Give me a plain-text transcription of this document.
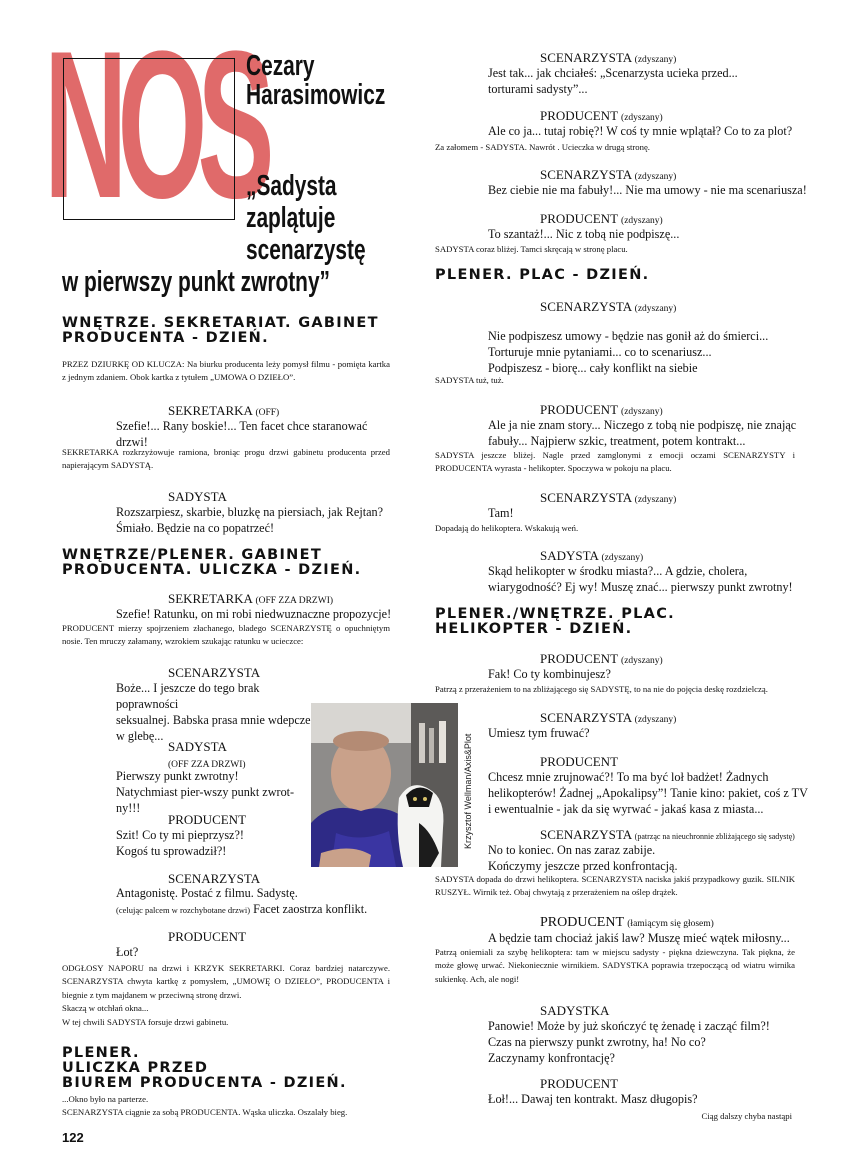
NOS
Cezary
Harasimowicz
„Sadysta
zaplątuje
scenarzystę
w pierwszy punkt zwrotny”
WNĘTRZE. SEKRETARIAT. GABINET
PRODUCENTA - DZIEŃ.
PRZEZ DZIURKĘ OD KLUCZA: Na biurku producenta leży pomysł filmu - pomięta kartka z jednym zdaniem. Obok kartka z tytułem „UMOWA O DZIEŁO”.
SEKRETARKA (OFF)

Szefie!... Rany boskie!... Ten facet chce staranować drzwi!

SEKRETARKA rozkrzyżowuje ramiona, broniąc progu drzwi gabinetu producenta przed napierającym SADYSTĄ.
SADYSTA

Rozszarpiesz, skarbie, bluzkę na piersiach, jak Rejtan?

Śmiało. Będzie na co popatrzeć!

WNĘTRZE/PLENER. GABINET
PRODUCENTA. ULICZKA - DZIEŃ.
SEKRETARKA (OFF ZZA DRZWI)

Szefie! Ratunku, on mi robi niedwuznaczne propozycje!

PRODUCENT mierzy spojrzeniem złachanego, bladego SCENARZYSTĘ o opuchniętym nosie. Ten mruczy załamany, wzrokiem szukając ratunku w ucieczce:
SCENARZYSTA

Boże... I jeszcze do tego brak poprawności

seksualnej. Babska prasa mnie wdepcze

w glebę...

SADYSTA
(OFF ZZA DRZWI)

Pierwszy punkt zwrotny!

Natychmiast pier-wszy punkt zwrot-ny!!!

PRODUCENT

Szit! Co ty mi pieprzysz?!

Kogoś tu sprowadził?!

SCENARZYSTA

Antagonistę. Postać z filmu. Sadystę.

(celując palcem w rozchybotane drzwi) Facet zaostrza konflikt.

PRODUCENT

Łot?

ODGŁOSY NAPORU na drzwi i KRZYK SEKRETARKI. Coraz bardziej natarczywe. SCENARZYSTA chwyta kartkę z pomysłem, „UMOWĘ O DZIEŁO”, PRODUCENTA i biegnie z tym majdanem w przeciwną stronę drzwi.
Skaczą w otchłań okna...
W tej chwili SADYSTA forsuje drzwi gabinetu.
PLENER.
ULICZKA PRZED
BIUREM PRODUCENTA - DZIEŃ.
...Okno było na parterze.
SCENARZYSTA ciągnie za sobą PRODUCENTA. Wąska uliczka. Oszalały bieg.
122
Krzysztof Wellman/Axis&Plot
SCENARZYSTA (zdyszany)

Jest tak... jak chciałeś: „Scenarzysta ucieka przed...

torturami sadysty”...

PRODUCENT (zdyszany)

Ale co ja... tutaj robię?! W coś ty mnie wplątał? Co to za plot?

Za załomem - SADYSTA. Nawrót . Ucieczka w drugą stronę.
SCENARZYSTA (zdyszany)

Bez ciebie nie ma fabuły!... Nie ma umowy - nie ma scenariusza!

PRODUCENT (zdyszany)

To szantaż!... Nic z tobą nie podpiszę...

SADYSTA coraz bliżej. Tamci skręcają w stronę placu.
PLENER. PLAC - DZIEŃ.
SCENARZYSTA (zdyszany)

Nie podpiszesz umowy - będzie nas gonił aż do śmierci...

Torturuje mnie pytaniami... co to scenariusz...

Podpiszesz - biorę... cały konflikt na siebie

SADYSTA tuż, tuż.
PRODUCENT (zdyszany)

Ale ja nie znam story... Niczego z tobą nie podpiszę, nie znając

fabuły... Najpierw szkic, treatment, potem kontrakt...

SADYSTA jeszcze bliżej. Nagle przed zamglonymi z emocji oczami SCENARZYSTY i PRODUCENTA wyrasta - helikopter. Spoczywa w pokoju na placu.
SCENARZYSTA (zdyszany)

Tam!

Dopadają do helikoptera. Wskakują weń.
SADYSTA (zdyszany)

Skąd helikopter w środku miasta?... A gdzie, cholera,

wiarygodność? Ej wy! Muszę znać... pierwszy punkt zwrotny!

PLENER./WNĘTRZE. PLAC.
HELIKOPTER - DZIEŃ.
PRODUCENT (zdyszany)

Fak! Co ty kombinujesz?

Patrzą z przerażeniem to na zbliżającego się SADYSTĘ, to na nie do pojęcia deskę rozdzielczą.
SCENARZYSTA (zdyszany)

Umiesz tym fruwać?

PRODUCENT

Chcesz mnie zrujnować?! To ma być loł badżet! Żadnych

helikopterów! Żadnej „Apokalipsy”! Tanie kino: pakiet, coś z TV

i ewentualnie - jak da się wyrwać - jakaś kasa z miasta...

SCENARZYSTA (patrząc na nieuchronnie zbliżającego się sadystę)

No to koniec. On nas zaraz zabije.

Kończymy jeszcze przed konfrontacją.

SADYSTA dopada do drzwi helikoptera. SCENARZYSTA naciska jakiś przypadkowy guzik. SILNIK RUSZYŁ. Wirnik też. Obaj chwytają z przerażeniem na oślep drążek.
PRODUCENT (łamiącym się głosem)

A będzie tam chociaż jakiś law? Muszę mieć wątek miłosny...

Patrzą oniemiali za szybę helikoptera: tam w miejscu sadysty - piękna dziewczyna. Tak piękna, że może głowę urwać. Niekoniecznie wirnikiem. SADYSTKA poprawia trzepoczącą od wiatru wirnika sukienkę. Ach, ale nogi!
SADYSTKA

Panowie! Może by już skończyć tę żenadę i zacząć film?!

Czas na pierwszy punkt zwrotny, ha! No co?

Zaczynamy konfrontację?

PRODUCENT

Łoł!... Dawaj ten kontrakt. Masz długopis?

Ciąg dalszy chyba nastąpi
